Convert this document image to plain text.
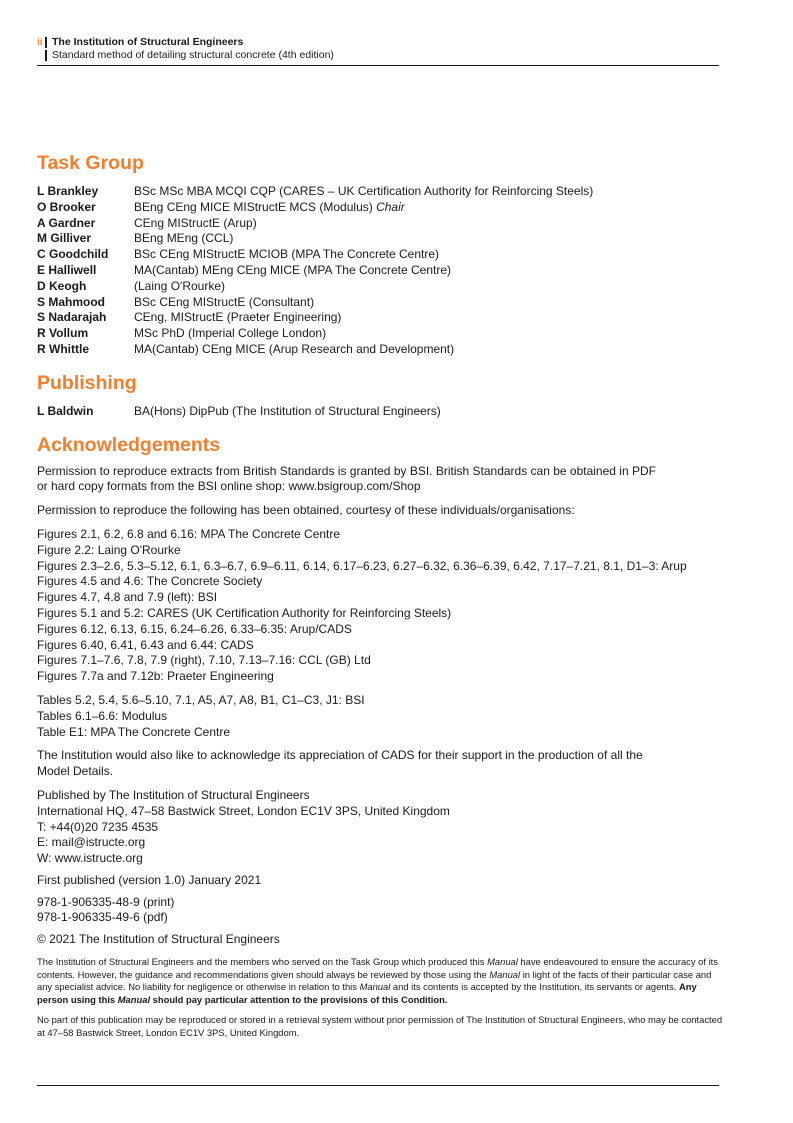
ii The Institution of Structural Engineers
Standard method of detailing structural concrete (4th edition)
Task Group
L Brankley	BSc MSc MBA MCQI CQP (CARES – UK Certification Authority for Reinforcing Steels)
O Brooker	BEng CEng MICE MIStructE MCS (Modulus) Chair
A Gardner	CEng MIStructE (Arup)
M Gilliver	BEng MEng (CCL)
C Goodchild	BSc CEng MIStructE MCIOB (MPA The Concrete Centre)
E Halliwell	MA(Cantab) MEng CEng MICE (MPA The Concrete Centre)
D Keogh	(Laing O'Rourke)
S Mahmood	BSc CEng MIStructE (Consultant)
S Nadarajah	CEng, MIStructE (Praeter Engineering)
R Vollum	MSc PhD (Imperial College London)
R Whittle	MA(Cantab) CEng MICE (Arup Research and Development)
Publishing
L Baldwin	BA(Hons) DipPub (The Institution of Structural Engineers)
Acknowledgements

Permission to reproduce extracts from British Standards is granted by BSI. British Standards can be obtained in PDF

or hard copy formats from the BSI online shop: www.bsigroup.com/Shop

Permission to reproduce the following has been obtained, courtesy of these individuals/organisations:

Figures 2.1, 6.2, 6.8 and 6.16: MPA The Concrete Centre

Figure 2.2: Laing O'Rourke

Figures 2.3–2.6, 5.3–5.12, 6.1, 6.3–6.7, 6.9–6.11, 6.14, 6.17–6.23, 6.27–6.32, 6.36–6.39, 6.42, 7.17–7.21, 8.1, D1–3: Arup

Figures 4.5 and 4.6: The Concrete Society

Figures 4.7, 4.8 and 7.9 (left): BSI

Figures 5.1 and 5.2: CARES (UK Certification Authority for Reinforcing Steels)

Figures 6.12, 6.13, 6.15, 6.24–6.26, 6.33–6.35: Arup/CADS

Figures 6.40, 6.41, 6.43 and 6.44: CADS

Figures 7.1–7.6, 7.8, 7.9 (right), 7.10, 7.13–7.16: CCL (GB) Ltd

Figures 7.7a and 7.12b: Praeter Engineering

Tables 5.2, 5.4, 5.6–5.10, 7.1, A5, A7, A8, B1, C1–C3, J1: BSI

Tables 6.1–6.6: Modulus

Table E1: MPA The Concrete Centre

The Institution would also like to acknowledge its appreciation of CADS for their support in the production of all the

Model Details.

Published by The Institution of Structural Engineers

International HQ, 47–58 Bastwick Street, London EC1V 3PS, United Kingdom

T: +44(0)20 7235 4535

E: mail@istructe.org

W: www.istructe.org

First published (version 1.0) January 2021

978-1-906335-48-9 (print)

978-1-906335-49-6 (pdf)

© 2021 The Institution of Structural Engineers

The Institution of Structural Engineers and the members who served on the Task Group which produced this Manual have endeavoured to ensure the accuracy of its contents. However, the guidance and recommendations given should always be reviewed by those using the Manual in light of the facts of their particular case and any specialist advice. No liability for negligence or otherwise in relation to this Manual and its contents is accepted by the Institution, its servants or agents. Any person using this Manual should pay particular attention to the provisions of this Condition.

No part of this publication may be reproduced or stored in a retrieval system without prior permission of The Institution of Structural Engineers, who may be contacted at 47–58 Bastwick Street, London EC1V 3PS, United Kingdom.
